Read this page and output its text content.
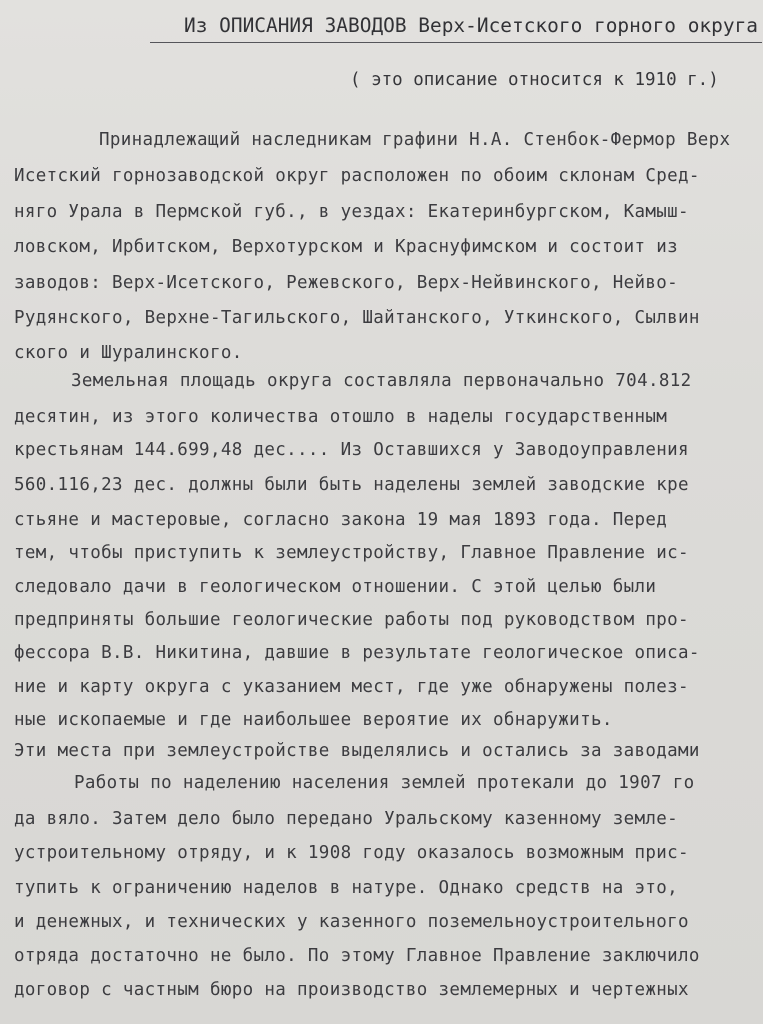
Из ОПИСАНИЯ ЗАВОДОВ Верх-Исетского горного округа
( это описание относится к 1910 г.)
Принадлежащий наследникам графини Н.А. Стенбок-Фермор Верх
Исетский горнозаводской округ расположен по обоим склонам Сред-
няго Урала в Пермской губ., в уездах: Екатеринбургском, Камыш-
ловском, Ирбитском, Верхотурском и Краснуфимском и состоит из
заводов: Верх-Исетского, Режевского, Верх-Нейвинского, Нейво-
Рудянского, Верхне-Тагильского, Шайтанского, Уткинского, Сылвин
ского и Шуралинского.
Земельная площадь округа составляла первоначально 704.812
десятин, из этого количества отошло в наделы государственным
крестьянам 144.699,48 дес.... Из Оставшихся у Заводоуправления
560.116,23 дес. должны были быть наделены землей заводские кре
стьяне и мастеровые, согласно закона 19 мая 1893 года. Перед
тем, чтобы приступить к землеустройству, Главное Правление ис-
следовало дачи в геологическом отношении. С этой целью были
предприняты большие геологические работы под руководством про-
фессора В.В. Никитина, давшие в результате геологическое описа-
ние и карту округа с указанием мест, где уже обнаружены полез-
ные ископаемые и где наибольшее вероятие их обнаружить.
Эти места при землеустройстве выделялись и остались за заводами
Работы по наделению населения землей протекали до 1907 го
да вяло. Затем дело было передано Уральскому казенному земле-
устроительному отряду, и к 1908 году оказалось возможным прис-
тупить к ограничению наделов в натуре. Однако средств на это,
и денежных, и технических у казенного поземельноустроительного
отряда достаточно не было. По этому Главное Правление заключило
договор с частным бюро на производство землемерных и чертежных
